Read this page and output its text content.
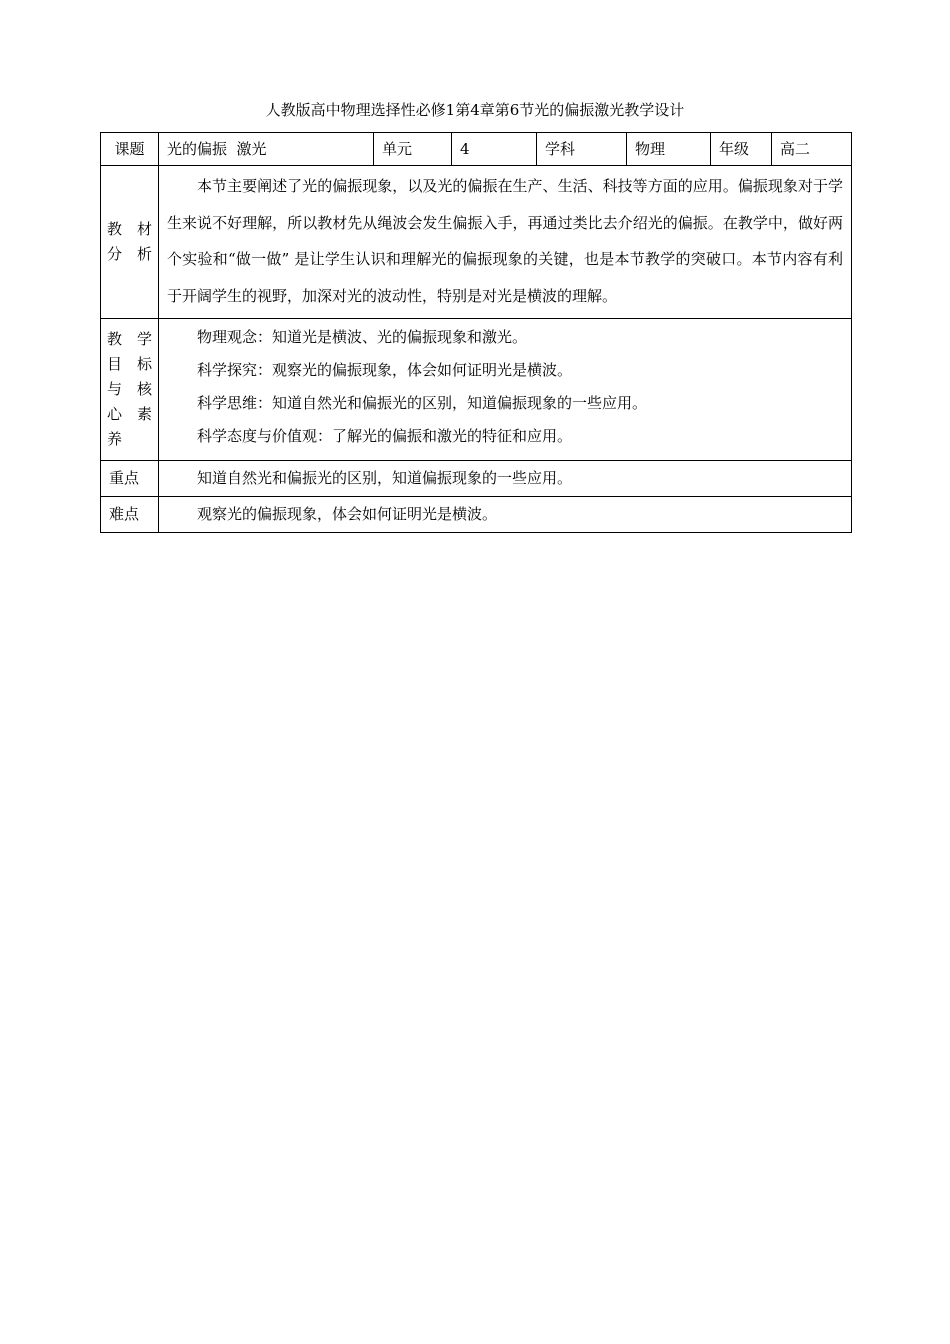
人教版高中物理选择性必修1第4章第6节光的偏振激光教学设计
课题	光的偏振  激光	单元	4	学科	物理	年级	高二

教 材 分析	本节主要阐述了光的偏振现象，以及光的偏振在生产、生活、科技等方面的应用。偏振现象对于学生来说不好理解，所以教材先从绳波会发生偏振入手，再通过类比去介绍光的偏振。在教学中，做好两个实验和“做一做” 是让学生认识和理解光的偏振现象的关键，也是本节教学的突破口。本节内容有利于开阔学生的视野，加深对光的波动性，特别是对光是横波的理解。						

教 学 目 标 与 核 心 素 养	物理观念：知道光是横波、光的偏振现象和激光。

科学探究：观察光的偏振现象，体会如何证明光是横波。

科学思维：知道自然光和偏振光的区别，知道偏振现象的一些应用。

科学态度与价值观：了解光的偏振和激光的特征和应用。						

重点	知道自然光和偏振光的区别，知道偏振现象的一些应用。						
难点	观察光的偏振现象，体会如何证明光是横波。						
